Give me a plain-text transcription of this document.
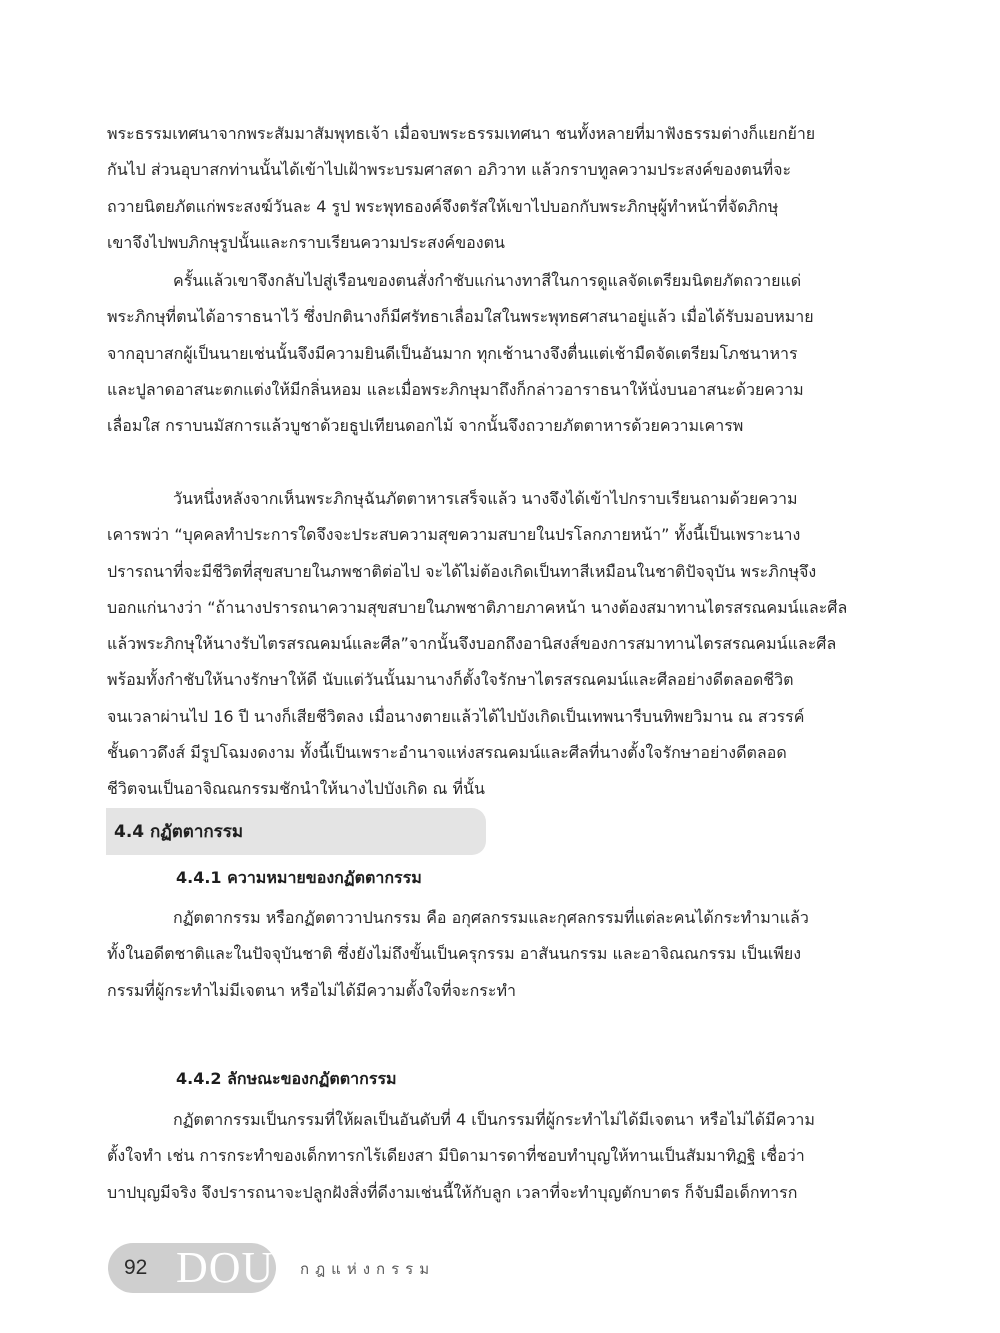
พระธรรมเทศนาจากพระสัมมาสัมพุทธเจ้า เมื่อจบพระธรรมเทศนา ชนทั้งหลายที่มาฟังธรรมต่างก็แยกย้าย
กันไป ส่วนอุบาสกท่านนั้นได้เข้าไปเฝ้าพระบรมศาสดา อภิวาท แล้วกราบทูลความประสงค์ของตนที่จะ
ถวายนิตยภัตแก่พระสงฆ์วันละ 4 รูป พระพุทธองค์จึงตรัสให้เขาไปบอกกับพระภิกษุผู้ทำหน้าที่จัดภิกษุ
เขาจึงไปพบภิกษุรูปนั้นและกราบเรียนความประสงค์ของตน
ครั้นแล้วเขาจึงกลับไปสู่เรือนของตนสั่งกำชับแก่นางทาสีในการดูแลจัดเตรียมนิตยภัตถวายแด่
พระภิกษุที่ตนได้อาราธนาไว้ ซึ่งปกตินางก็มีศรัทธาเลื่อมใสในพระพุทธศาสนาอยู่แล้ว เมื่อได้รับมอบหมาย
จากอุบาสกผู้เป็นนายเช่นนั้นจึงมีความยินดีเป็นอันมาก ทุกเช้านางจึงตื่นแต่เช้ามืดจัดเตรียมโภชนาหาร
และปูลาดอาสนะตกแต่งให้มีกลิ่นหอม และเมื่อพระภิกษุมาถึงก็กล่าวอาราธนาให้นั่งบนอาสนะด้วยความ
เลื่อมใส กราบนมัสการแล้วบูชาด้วยธูปเทียนดอกไม้ จากนั้นจึงถวายภัตตาหารด้วยความเคารพ
วันหนึ่งหลังจากเห็นพระภิกษุฉันภัตตาหารเสร็จแล้ว นางจึงได้เข้าไปกราบเรียนถามด้วยความ
เคารพว่า “บุคคลทำประการใดจึงจะประสบความสุขความสบายในปรโลกภายหน้า” ทั้งนี้เป็นเพราะนาง
ปรารถนาที่จะมีชีวิตที่สุขสบายในภพชาติต่อไป จะได้ไม่ต้องเกิดเป็นทาสีเหมือนในชาติปัจจุบัน พระภิกษุจึง
บอกแก่นางว่า “ถ้านางปรารถนาความสุขสบายในภพชาติภายภาคหน้า นางต้องสมาทานไตรสรณคมน์และศีล
แล้วพระภิกษุให้นางรับไตรสรณคมน์และศีล”จากนั้นจึงบอกถึงอานิสงส์ของการสมาทานไตรสรณคมน์และศีล
พร้อมทั้งกำชับให้นางรักษาให้ดี นับแต่วันนั้นมานางก็ตั้งใจรักษาไตรสรณคมน์และศีลอย่างดีตลอดชีวิต
จนเวลาผ่านไป 16 ปี นางก็เสียชีวิตลง เมื่อนางตายแล้วได้ไปบังเกิดเป็นเทพนารีบนทิพยวิมาน ณ สวรรค์
ชั้นดาวดึงส์ มีรูปโฉมงดงาม ทั้งนี้เป็นเพราะอำนาจแห่งสรณคมน์และศีลที่นางตั้งใจรักษาอย่างดีตลอด
ชีวิตจนเป็นอาจิณณกรรมชักนำให้นางไปบังเกิด ณ ที่นั้น
4.4 กฏัตตากรรม
4.4.1 ความหมายของกฏัตตากรรม
กฏัตตากรรม หรือกฏัตตาวาปนกรรม คือ อกุศลกรรมและกุศลกรรมที่แต่ละคนได้กระทำมาแล้ว
ทั้งในอดีตชาติและในปัจจุบันชาติ ซึ่งยังไม่ถึงขั้นเป็นครุกรรม อาสันนกรรม และอาจิณณกรรม เป็นเพียง
กรรมที่ผู้กระทำไม่มีเจตนา หรือไม่ได้มีความตั้งใจที่จะกระทำ
4.4.2 ลักษณะของกฏัตตากรรม
กฏัตตากรรมเป็นกรรมที่ให้ผลเป็นอันดับที่ 4 เป็นกรรมที่ผู้กระทำไม่ได้มีเจตนา หรือไม่ได้มีความ
ตั้งใจทำ เช่น การกระทำของเด็กทารกไร้เดียงสา มีบิดามารดาที่ชอบทำบุญให้ทานเป็นสัมมาทิฏฐิ เชื่อว่า
บาปบุญมีจริง จึงปรารถนาจะปลูกฝังสิ่งที่ดีงามเช่นนี้ให้กับลูก เวลาที่จะทำบุญตักบาตร ก็จับมือเด็กทารก
92 DOU กฎแห่งกรรม
